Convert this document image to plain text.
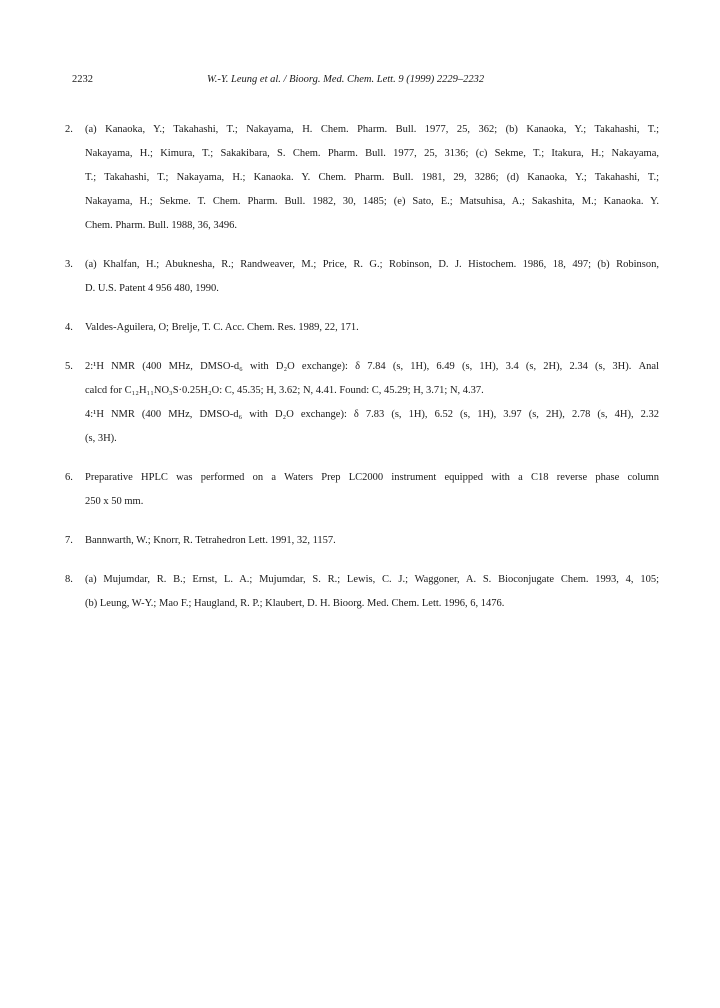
2232	W.-Y. Leung et al. / Bioorg. Med. Chem. Lett. 9 (1999) 2229–2232
2.	(a) Kanaoka, Y.; Takahashi, T.; Nakayama, H. Chem. Pharm. Bull. 1977, 25, 362; (b) Kanaoka, Y.; Takahashi, T.;
Nakayama, H.; Kimura, T.; Sakakibara, S. Chem. Pharm. Bull. 1977, 25, 3136; (c) Sekme, T.; Itakura, H.; Nakayama,
T.; Takahashi, T.; Nakayama, H.; Kanaoka. Y. Chem. Pharm. Bull. 1981, 29, 3286; (d) Kanaoka, Y.; Takahashi, T.;
Nakayama, H.; Sekme. T. Chem. Pharm. Bull. 1982, 30, 1485; (e) Sato, E.; Matsuhisa, A.; Sakashita, M.; Kanaoka. Y.
Chem. Pharm. Bull. 1988, 36, 3496.
3.	(a) Khalfan, H.; Abuknesha, R.; Randweaver, M.; Price, R. G.; Robinson, D. J. Histochem. 1986, 18, 497; (b) Robinson,
D. U.S. Patent 4 956 480, 1990.
4.	Valdes-Aguilera, O; Brelje, T. C. Acc. Chem. Res. 1989, 22, 171.
5.	2:¹H NMR (400 MHz, DMSO-d₆ with D₂O exchange): δ 7.84 (s, 1H), 6.49 (s, 1H), 3.4 (s, 2H), 2.34 (s, 3H). Anal
calcd for C₁₂H₁₁NO₃S·0.25H₂O: C, 45.35; H, 3.62; N, 4.41. Found: C, 45.29; H, 3.71; N, 4.37.
4:¹H NMR (400 MHz, DMSO-d₆ with D₂O exchange): δ 7.83 (s, 1H), 6.52 (s, 1H), 3.97 (s, 2H), 2.78 (s, 4H), 2.32
(s, 3H).
6.	Preparative HPLC was performed on a Waters Prep LC2000 instrument equipped with a C18 reverse phase column
250 x 50 mm.
7.	Bannwarth, W.; Knorr, R. Tetrahedron Lett. 1991, 32, 1157.
8.	(a) Mujumdar, R. B.; Ernst, L. A.; Mujumdar, S. R.; Lewis, C. J.; Waggoner, A. S. Bioconjugate Chem. 1993, 4, 105;
(b) Leung, W-Y.; Mao F.; Haugland, R. P.; Klaubert, D. H. Bioorg. Med. Chem. Lett. 1996, 6, 1476.
